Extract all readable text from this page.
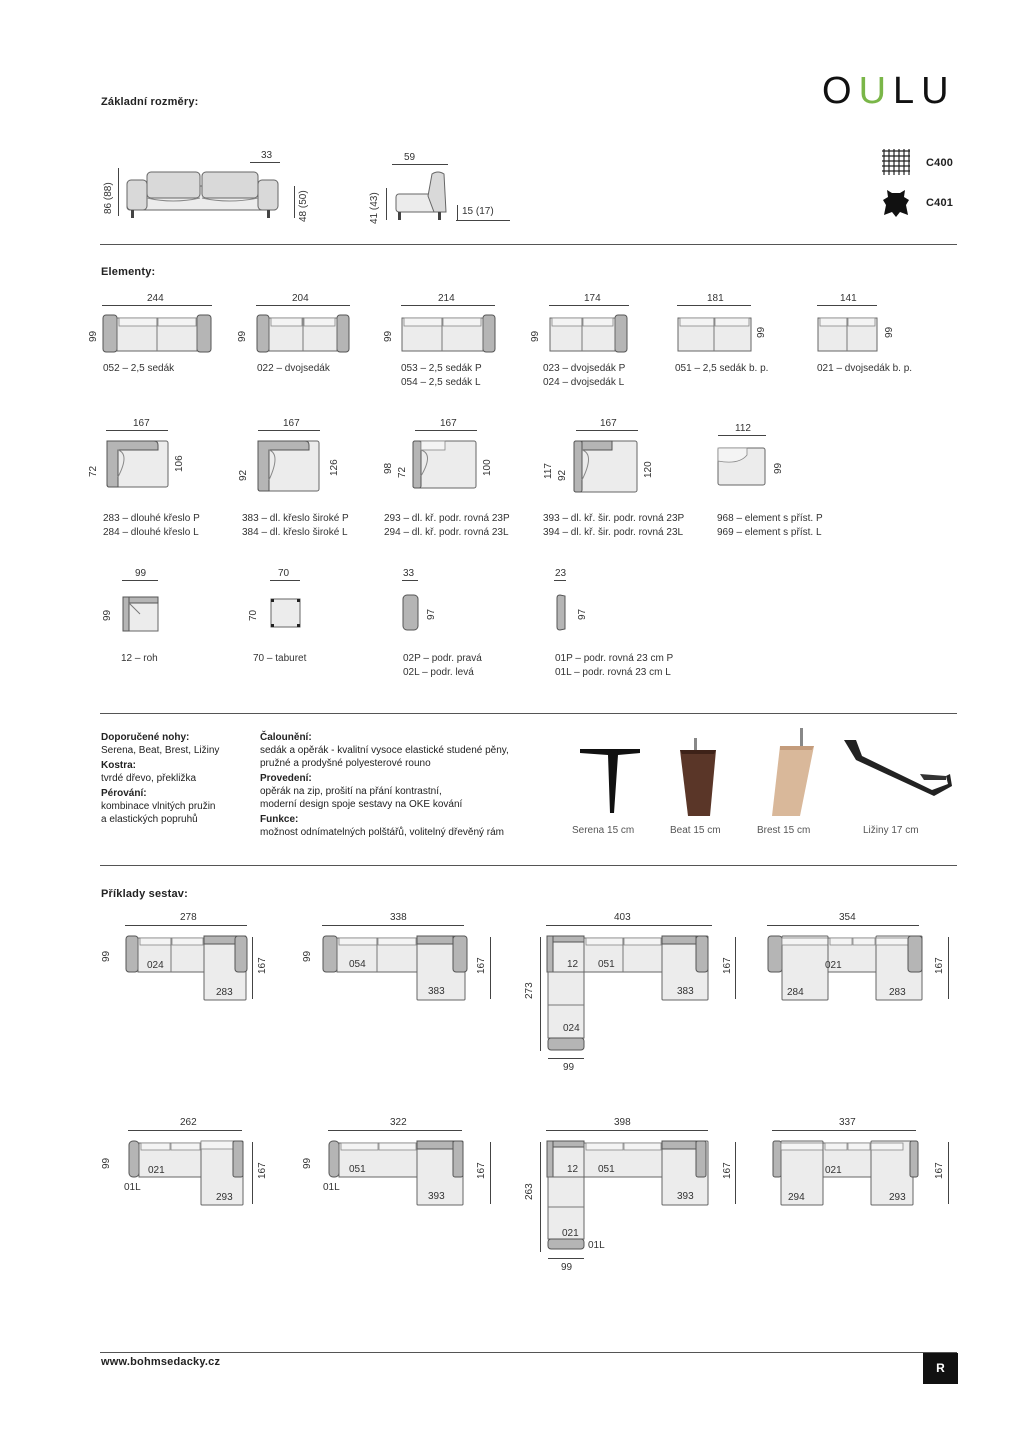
Základní rozměry:	OULU
C400
C401
33
86 (88)	48 (50)
59
41 (43)	15 (17)
Elementy:
244
99
052 – 2,5 sedák
204
99
022 – dvojsedák
214
99
053 – 2,5 sedák P
054 – 2,5 sedák L
174
99
023 – dvojsedák P
024 – dvojsedák L
181
99
051 – 2,5 sedák b. p.
141
99
021 – dvojsedák b. p.
167
72	106
283 – dlouhé křeslo P
284 – dlouhé křeslo L
167
92	126
383 – dl. křeslo široké P
384 – dl. křeslo široké L
167
98 72	100
293 – dl. kř. podr. rovná 23P
294 – dl. kř. podr. rovná 23L
167
117 92	120
393 – dl. kř. šir. podr. rovná 23P
394 – dl. kř. šir. podr. rovná 23L
112
99
968 – element s příst. P
969 – element s příst. L
99
99
12 – roh
70
70
70 – taburet
33
97
02P – podr. pravá
02L – podr. levá
23
97
01P – podr. rovná 23 cm P
01L – podr. rovná 23 cm L
Doporučené nohy:
Serena, Beat, Brest, Ližiny
Kostra:
tvrdé dřevo, překližka
Pérování:
kombinace vlnitých pružin
a elastických popruhů
Čalounění:
sedák a opěrák - kvalitní vysoce elastické studené pěny,
pružné a prodyšné polyesterové rouno
Provedení:
opěrák na zip, prošití na přání kontrastní,
moderní design spoje sestavy na OKE kování
Funkce:
možnost odnímatelných polštářů, volitelný dřevěný rám	Serena 15 cm	Beat 15 cm	Brest 15 cm	Ližiny 17 cm
Příklady sestav:
278
99
024
283
167
338
99
054
383
167
403
12 051
383
024
273
167
99
354
021
284	283
167
262
99
021
293
01L
167
322
99
051
393
01L
167
398
12 051
393
021
01L
263
167
99
337
021
294	293
167
www.bohmsedacky.cz	R
